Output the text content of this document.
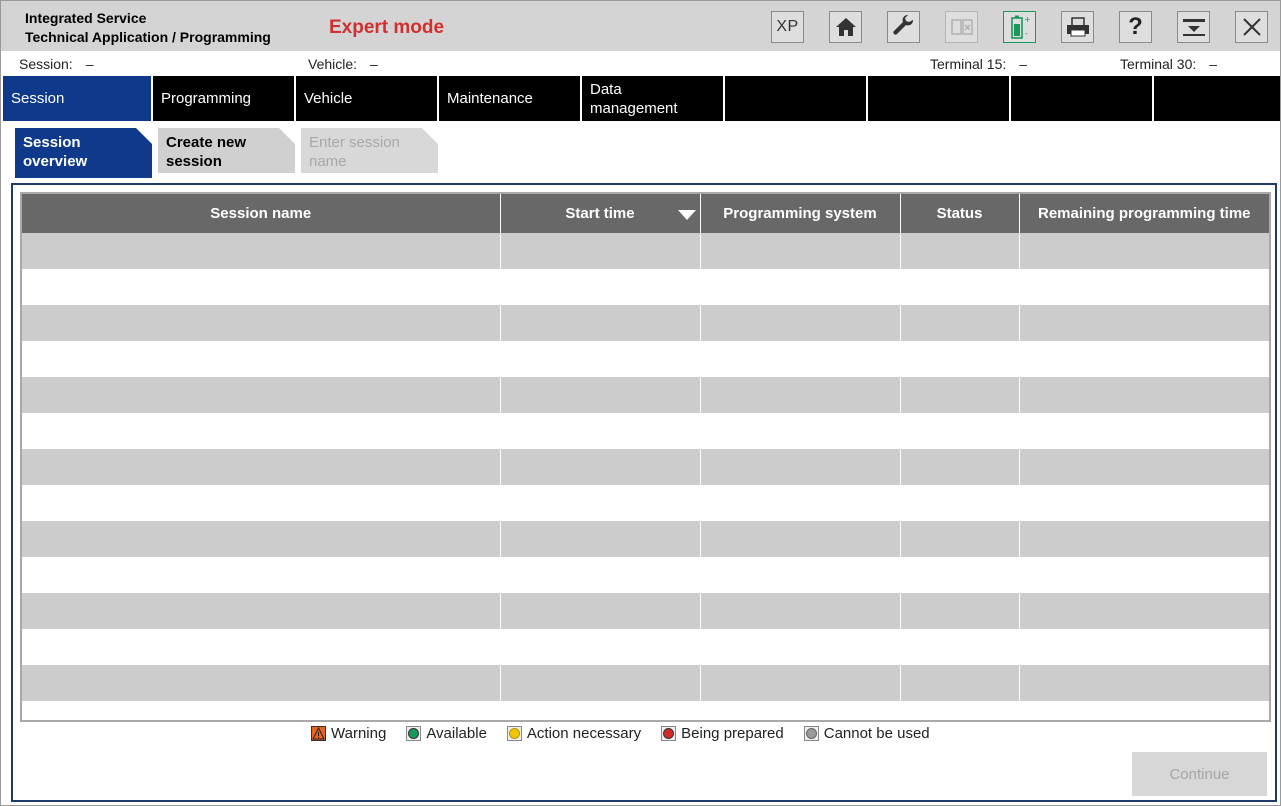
Integrated Service
Technical Application / Programming	Expert mode	XP	+
-	?
Session: –	Vehicle: –	Terminal 15: –	Terminal 30: –
Session	Programming	Vehicle	Maintenance
Data management
Session overview
Create new session
Enter session name
Session name	Start time	Programming system	Status	Remaining programming time

Warning	Available	Action necessary	Being prepared	Cannot be used
Continue
